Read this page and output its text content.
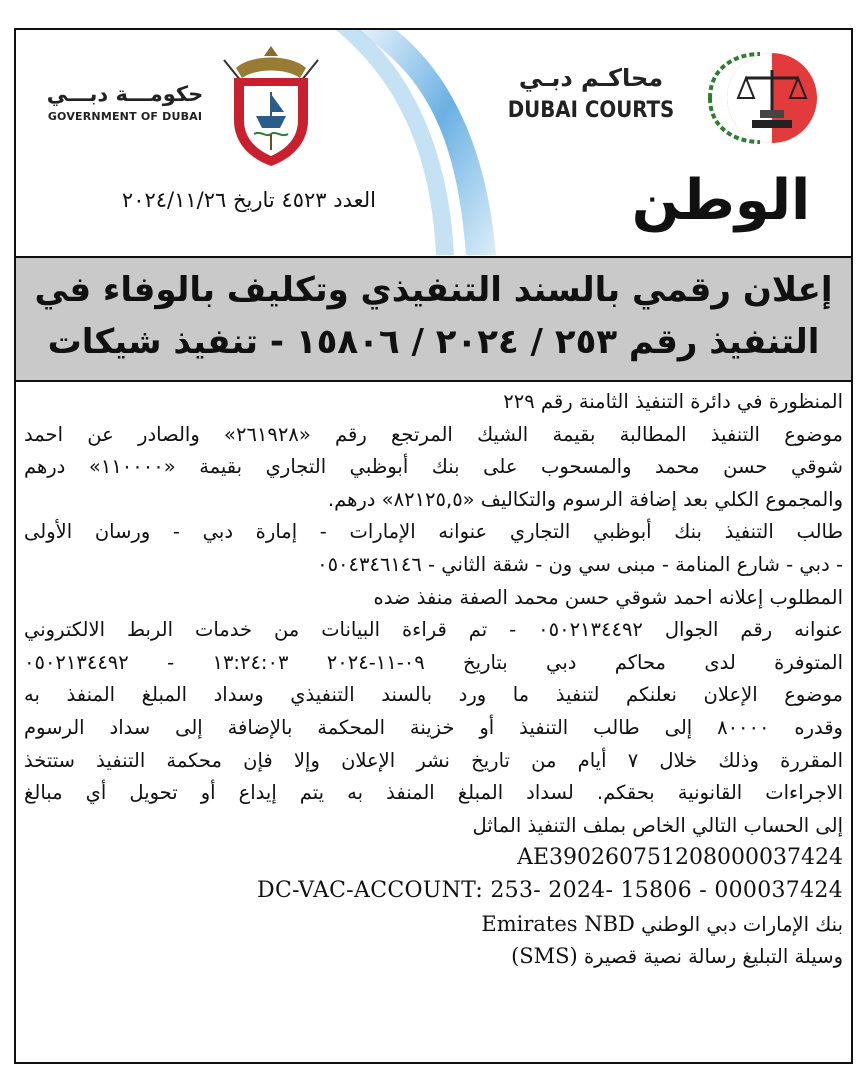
حكومـــة دبـــي
GOVERNMENT OF DUBAI
محاكـم دبـي
DUBAI COURTS
العدد ٤٥٢٣ تاريخ ٢٠٢٤/١١/٢٦	الوطن
إعلان رقمي بالسند التنفيذي وتكليف بالوفاء في
التنفيذ رقم ٢٥٣ / ٢٠٢٤ / ١٥٨٠٦ - تنفيذ شيكات
المنظورة في دائرة التنفيذ الثامنة رقم ٢٢٩
موضوع التنفيذ المطالبة بقيمة الشيك المرتجع رقم «٢٦١٩٢٨» والصادر عن احمد
شوقي حسن محمد والمسحوب على بنك أبوظبي التجاري بقيمة «١١٠٠٠٠» درهم
والمجموع الكلي بعد إضافة الرسوم والتكاليف «٨٢١٢٥,٥» درهم.
طالب التنفيذ بنك أبوظبي التجاري عنوانه الإمارات - إمارة دبي - ورسان الأولى
- دبي - شارع المنامة - مبنى سي ون - شقة الثاني - ٠٥٠٤٣٤٦١٤٦
المطلوب إعلانه احمد شوقي حسن محمد الصفة منفذ ضده
عنوانه رقم الجوال ٠٥٠٢١٣٤٤٩٢ - تم قراءة البيانات من خدمات الربط الالكتروني
المتوفرة لدى محاكم دبي بتاريخ ٠٩-١١-٢٠٢٤ ١٣:٢٤:٠٣ - ٠٥٠٢١٣٤٤٩٢
موضوع الإعلان نعلنكم لتنفيذ ما ورد بالسند التنفيذي وسداد المبلغ المنفذ به
وقدره ٨٠٠٠٠ إلى طالب التنفيذ أو خزينة المحكمة بالإضافة إلى سداد الرسوم
المقررة وذلك خلال ٧ أيام من تاريخ نشر الإعلان وإلا فإن محكمة التنفيذ ستتخذ
الاجراءات القانونية بحقكم. لسداد المبلغ المنفذ به يتم إيداع أو تحويل أي مبالغ
إلى الحساب التالي الخاص بملف التنفيذ الماثل
AE390260751208000037424
DC-VAC-ACCOUNT: 253- 2024- 15806 - 000037424
بنك الإمارات دبي الوطني Emirates NBD
وسيلة التبليغ رسالة نصية قصيرة (SMS)
